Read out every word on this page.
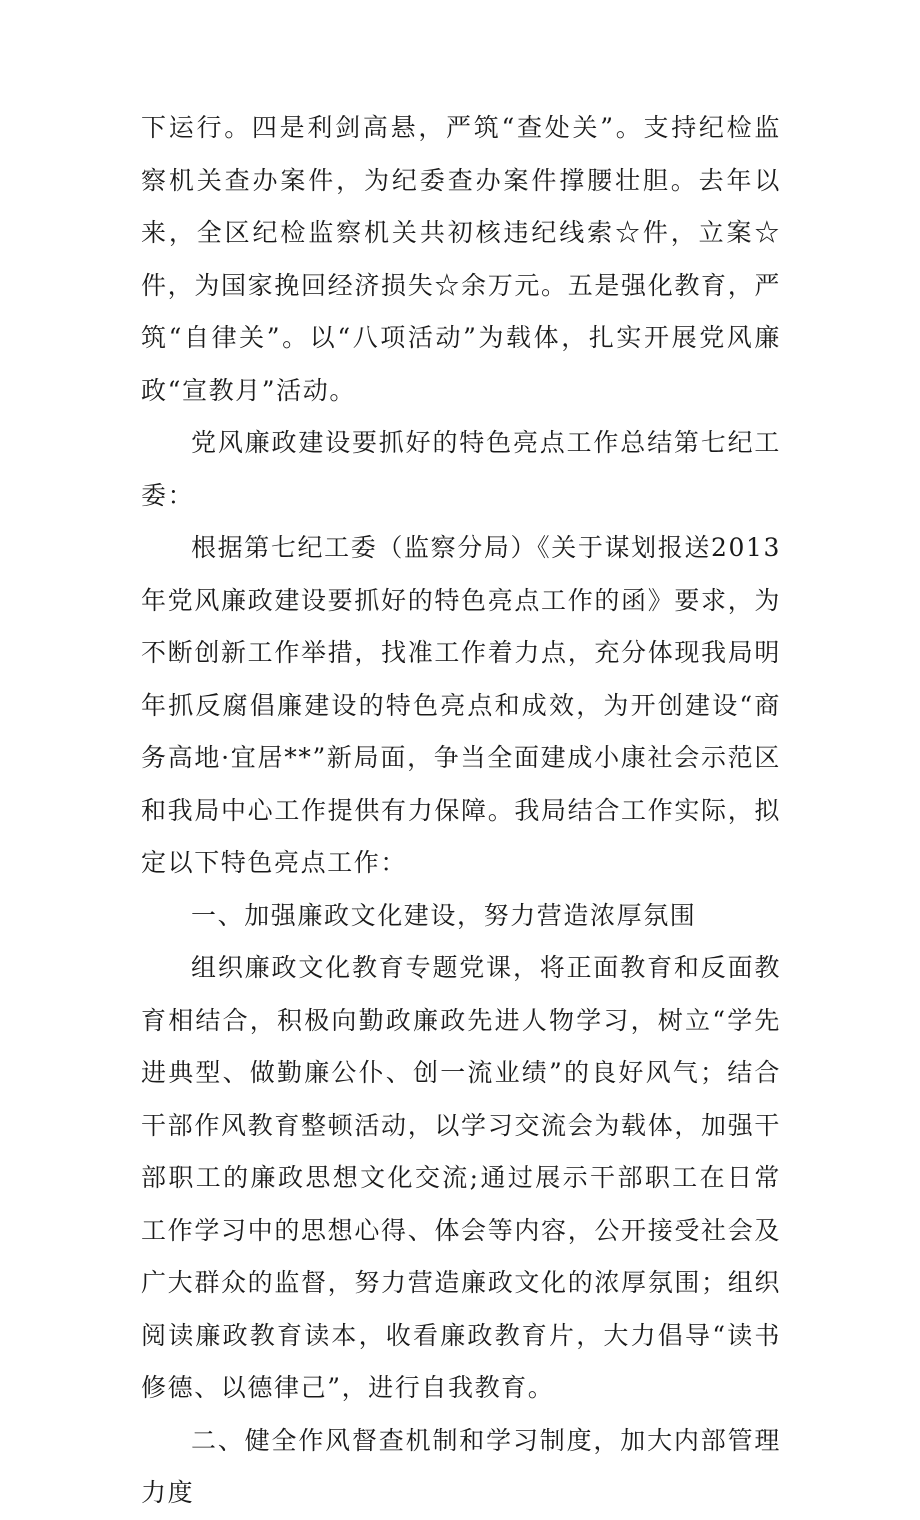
下运行。四是利剑高悬，严筑“查处关”。支持纪检监察机关查办案件，为纪委查办案件撑腰壮胆。去年以来，全区纪检监察机关共初核违纪线索☆件，立案☆件，为国家挽回经济损失☆余万元。五是强化教育，严筑“自律关”。以“八项活动”为载体，扎实开展党风廉政“宣教月”活动。

党风廉政建设要抓好的特色亮点工作总结第七纪工委：

根据第七纪工委（监察分局）《关于谋划报送2013年党风廉政建设要抓好的特色亮点工作的函》要求，为不断创新工作举措，找准工作着力点，充分体现我局明年抓反腐倡廉建设的特色亮点和成效，为开创建设“商务高地·宜居**”新局面，争当全面建成小康社会示范区和我局中心工作提供有力保障。我局结合工作实际，拟定以下特色亮点工作：

一、加强廉政文化建设，努力营造浓厚氛围

组织廉政文化教育专题党课，将正面教育和反面教育相结合，积极向勤政廉政先进人物学习，树立“学先进典型、做勤廉公仆、创一流业绩”的良好风气；结合干部作风教育整顿活动，以学习交流会为载体，加强干部职工的廉政思想文化交流;通过展示干部职工在日常工作学习中的思想心得、体会等内容，公开接受社会及广大群众的监督，努力营造廉政文化的浓厚氛围；组织阅读廉政教育读本，收看廉政教育片，大力倡导“读书修德、以德律己”，进行自我教育。

二、健全作风督查机制和学习制度，加大内部管理力度
